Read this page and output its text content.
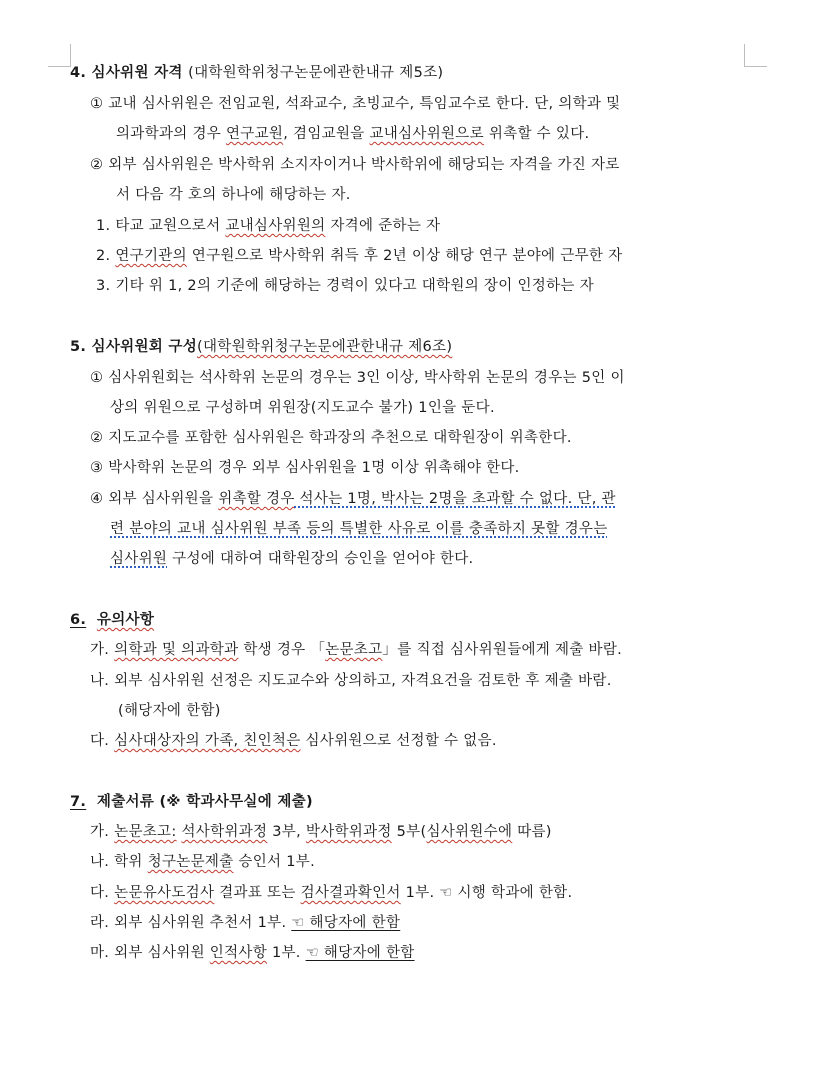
4. 심사위원 자격 (대학원학위청구논문에관한내규 제5조)
① 교내 심사위원은 전임교원, 석좌교수, 초빙교수, 특임교수로 한다. 단, 의학과 및
의과학과의 경우 연구교원, 겸임교원을 교내심사위원으로 위촉할 수 있다.
② 외부 심사위원은 박사학위 소지자이거나 박사학위에 해당되는 자격을 가진 자로
서 다음 각 호의 하나에 해당하는 자.
1. 타교 교원으로서 교내심사위원의 자격에 준하는 자
2. 연구기관의 연구원으로 박사학위 취득 후 2년 이상 해당 연구 분야에 근무한 자
3. 기타 위 1, 2의 기준에 해당하는 경력이 있다고 대학원의 장이 인정하는 자
5. 심사위원회 구성(대학원학위청구논문에관한내규 제6조)
① 심사위원회는 석사학위 논문의 경우는 3인 이상, 박사학위 논문의 경우는 5인 이
상의 위원으로 구성하며 위원장(지도교수 불가) 1인을 둔다.
② 지도교수를 포함한 심사위원은 학과장의 추천으로 대학원장이 위촉한다.
③ 박사학위 논문의 경우 외부 심사위원을 1명 이상 위촉해야 한다.
④ 외부 심사위원을 위촉할 경우 석사는 1명, 박사는 2명을 초과할 수 없다. 단, 관
련 분야의 교내 심사위원 부족 등의 특별한 사유로 이를 충족하지 못할 경우는
심사위원 구성에 대하여 대학원장의 승인을 얻어야 한다.
6. 유의사항
가. 의학과 및 의과학과 학생 경우 「논문초고」를 직접 심사위원들에게 제출 바람.
나. 외부 심사위원 선정은 지도교수와 상의하고, 자격요건을 검토한 후 제출 바람.
(해당자에 한함)
다. 심사대상자의 가족, 친인척은 심사위원으로 선정할 수 없음.
7. 제출서류 (※ 학과사무실에 제출)
가. 논문초고: 석사학위과정 3부, 박사학위과정 5부(심사위원수에 따름)
나. 학위 청구논문제출 승인서 1부.
다. 논문유사도검사 결과표 또는 검사결과확인서 1부. ☜ 시행 학과에 한함.
라. 외부 심사위원 추천서 1부. ☜ 해당자에 한함
마. 외부 심사위원 인적사항 1부. ☜ 해당자에 한함
